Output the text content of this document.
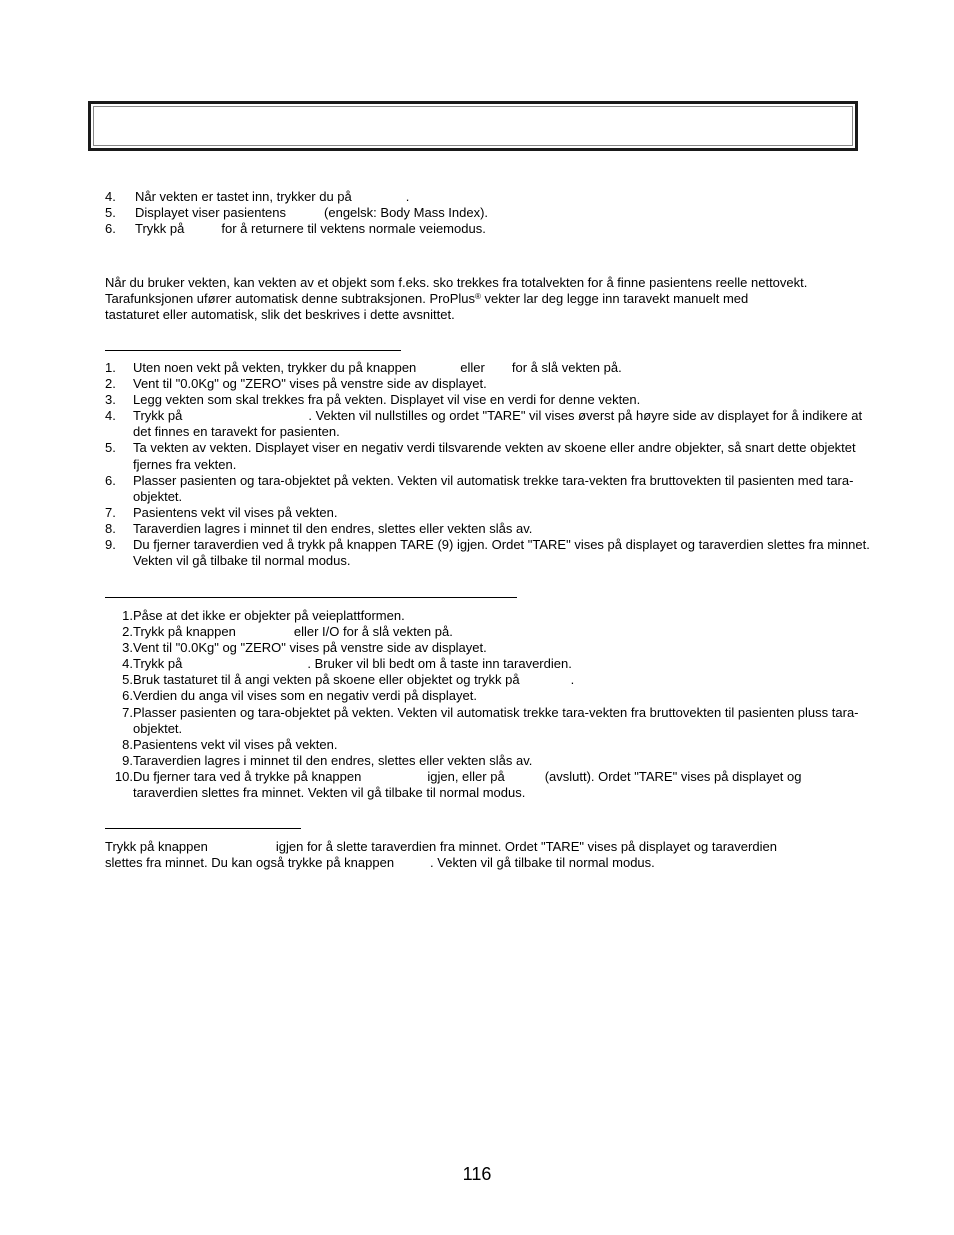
4.	Når vekten er tastet inn, trykker du på	.
5.	Displayet viser pasientens	(engelsk: Body Mass Index).
6.	Trykk på	for å returnere til vektens normale veiemodus.
Når du bruker vekten, kan vekten av et objekt som f.eks. sko trekkes fra totalvekten for å finne pasientens reelle nettovekt.
Tarafunksjonen ufører automatisk denne subtraksjonen. ProPlus® vekter lar deg legge inn taravekt manuelt med
tastaturet eller automatisk, slik det beskrives i dette avsnittet.
1.	Uten noen vekt på vekten, trykker du på knappen	eller for å slå vekten på.
2.	Vent til "0.0Kg" og "ZERO" vises på venstre side av displayet.
3.	Legg vekten som skal trekkes fra på vekten. Displayet vil vise en verdi for denne vekten.
4.	Trykk på	. Vekten vil nullstilles og ordet "TARE" vil vises øverst på høyre side av displayet for å indikere at det finnes en taravekt for pasienten.
5.	Ta vekten av vekten. Displayet viser en negativ verdi tilsvarende vekten av skoene eller andre objekter, så snart dette objektet fjernes fra vekten.
6.	Plasser pasienten og tara-objektet på vekten. Vekten vil automatisk trekke tara-vekten fra bruttovekten til pasienten med tara-objektet.
7.	Pasientens vekt vil vises på vekten.
8.	Taraverdien lagres i minnet til den endres, slettes eller vekten slås av.
9.	Du fjerner taraverdien ved å trykk på knappen TARE (9) igjen. Ordet "TARE" vises på displayet og taraverdien slettes fra minnet. Vekten vil gå tilbake til normal modus.
1. Påse at det ikke er objekter på veieplattformen.
2. Trykk på knappen	eller I/O for å slå vekten på.
3. Vent til "0.0Kg" og "ZERO" vises på venstre side av displayet.
4. Trykk på	. Bruker vil bli bedt om å taste inn taraverdien.
5. Bruk tastaturet til å angi vekten på skoene eller objektet og trykk på	.
6. Verdien du anga vil vises som en negativ verdi på displayet.
7. Plasser pasienten og tara-objektet på vekten. Vekten vil automatisk trekke tara-vekten fra bruttovekten til pasienten pluss tara-objektet.
8. Pasientens vekt vil vises på vekten.
9. Taraverdien lagres i minnet til den endres, slettes eller vekten slås av.
10. Du fjerner tara ved å trykke på knappen	igjen, eller på	(avslutt). Ordet "TARE" vises på displayet og taraverdien slettes fra minnet. Vekten vil gå tilbake til normal modus.
Trykk på knappen	igjen for å slette taraverdien fra minnet. Ordet "TARE" vises på displayet og taraverdien
slettes fra minnet. Du kan også trykke på knappen	. Vekten vil gå tilbake til normal modus.
116
